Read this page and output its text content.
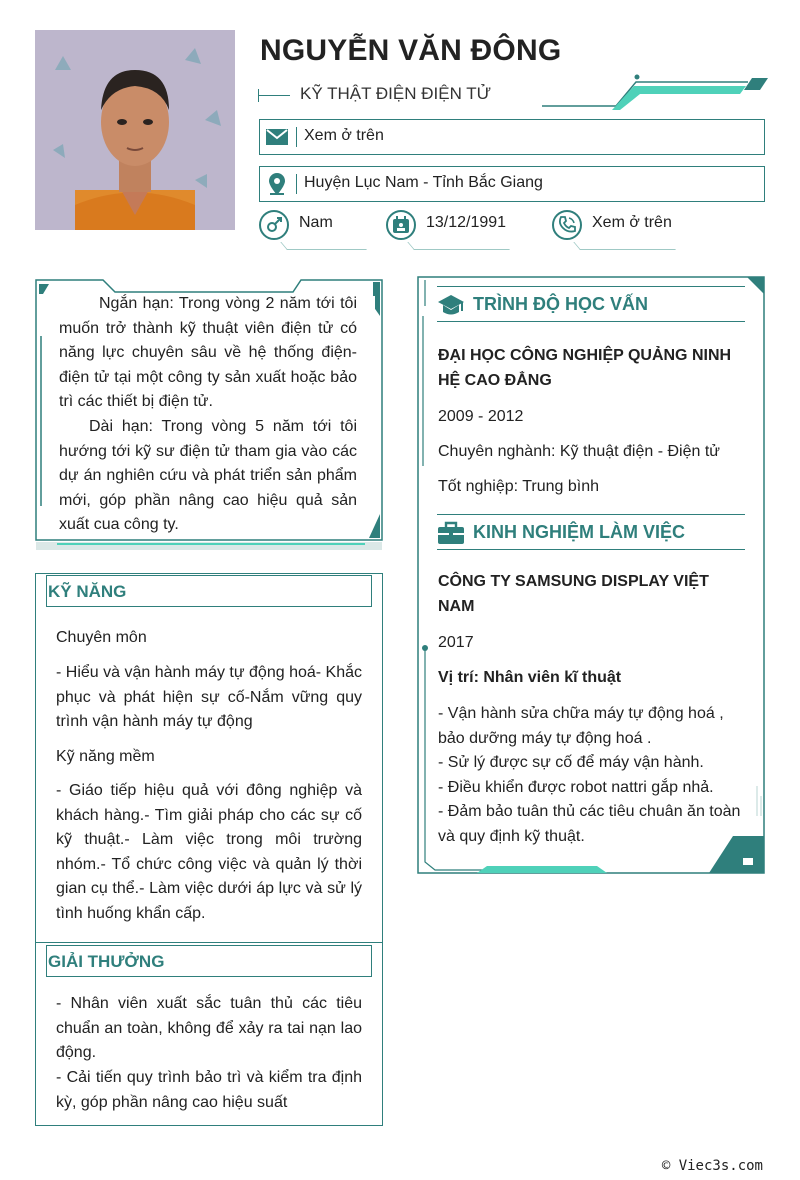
NGUYỄN VĂN ĐÔNG
KỸ THẬT ĐIỆN ĐIỆN TỬ
Xem ở trên
Huyện Lục Nam - Tỉnh Bắc Giang
Nam	13/12/1991	Xem ở trên

Ngắn hạn: Trong vòng 2 năm tới tôi muốn trở thành kỹ thuật viên điện tử có năng lực chuyên sâu về hệ thống điện- điện tử tại một công ty sản xuất hoặc bảo trì các thiết bị điện tử.

Dài hạn: Trong vòng 5 năm tới tôi hướng tới kỹ sư điện tử tham gia vào các dự án nghiên cứu và phát triển sản phẩm mới, góp phần nâng cao hiệu quả sản xuất cua công ty.

KỸ NĂNG
Chuyên môn
- Hiểu và vận hành máy tự động hoá- Khắc phục và phát hiện sự cố-Nắm vững quy trình vận hành máy tự động
Kỹ năng mềm
- Giáo tiếp hiệu quả với đông nghiệp và khách hàng.- Tìm giải pháp cho các sự cố kỹ thuật.- Làm việc trong môi trường nhóm.- Tổ chức công việc và quản lý thời gian cụ thể.- Làm việc dưới áp lực và sử lý tình huống khẩn cấp.
GIẢI THƯỞNG
- Nhân viên xuất sắc tuân thủ các tiêu chuẩn an toàn, không để xảy ra tai nạn lao động.
- Cải tiến quy trình bảo trì và kiểm tra định kỳ, góp phần nâng cao hiệu suất
TRÌNH ĐỘ HỌC VẤN
ĐẠI HỌC CÔNG NGHIỆP QUẢNG NINH HỆ CAO ĐẲNG
2009 - 2012
Chuyên nghành: Kỹ thuật điện - Điện tử
Tốt nghiệp: Trung bình
KINH NGHIỆM LÀM VIỆC
CÔNG TY SAMSUNG DISPLAY VIỆT NAM
2017
Vị trí: Nhân viên kĩ thuật
- Vận hành sửa chữa máy tự động hoá , bảo dưỡng máy tự động hoá .
- Sử lý được sự cố để máy vận hành.
- Điều khiển được robot nattri gắp nhả.
- Đảm bảo tuân thủ các tiêu chuân ăn toàn và quy định kỹ thuật.
© Viec3s.com
